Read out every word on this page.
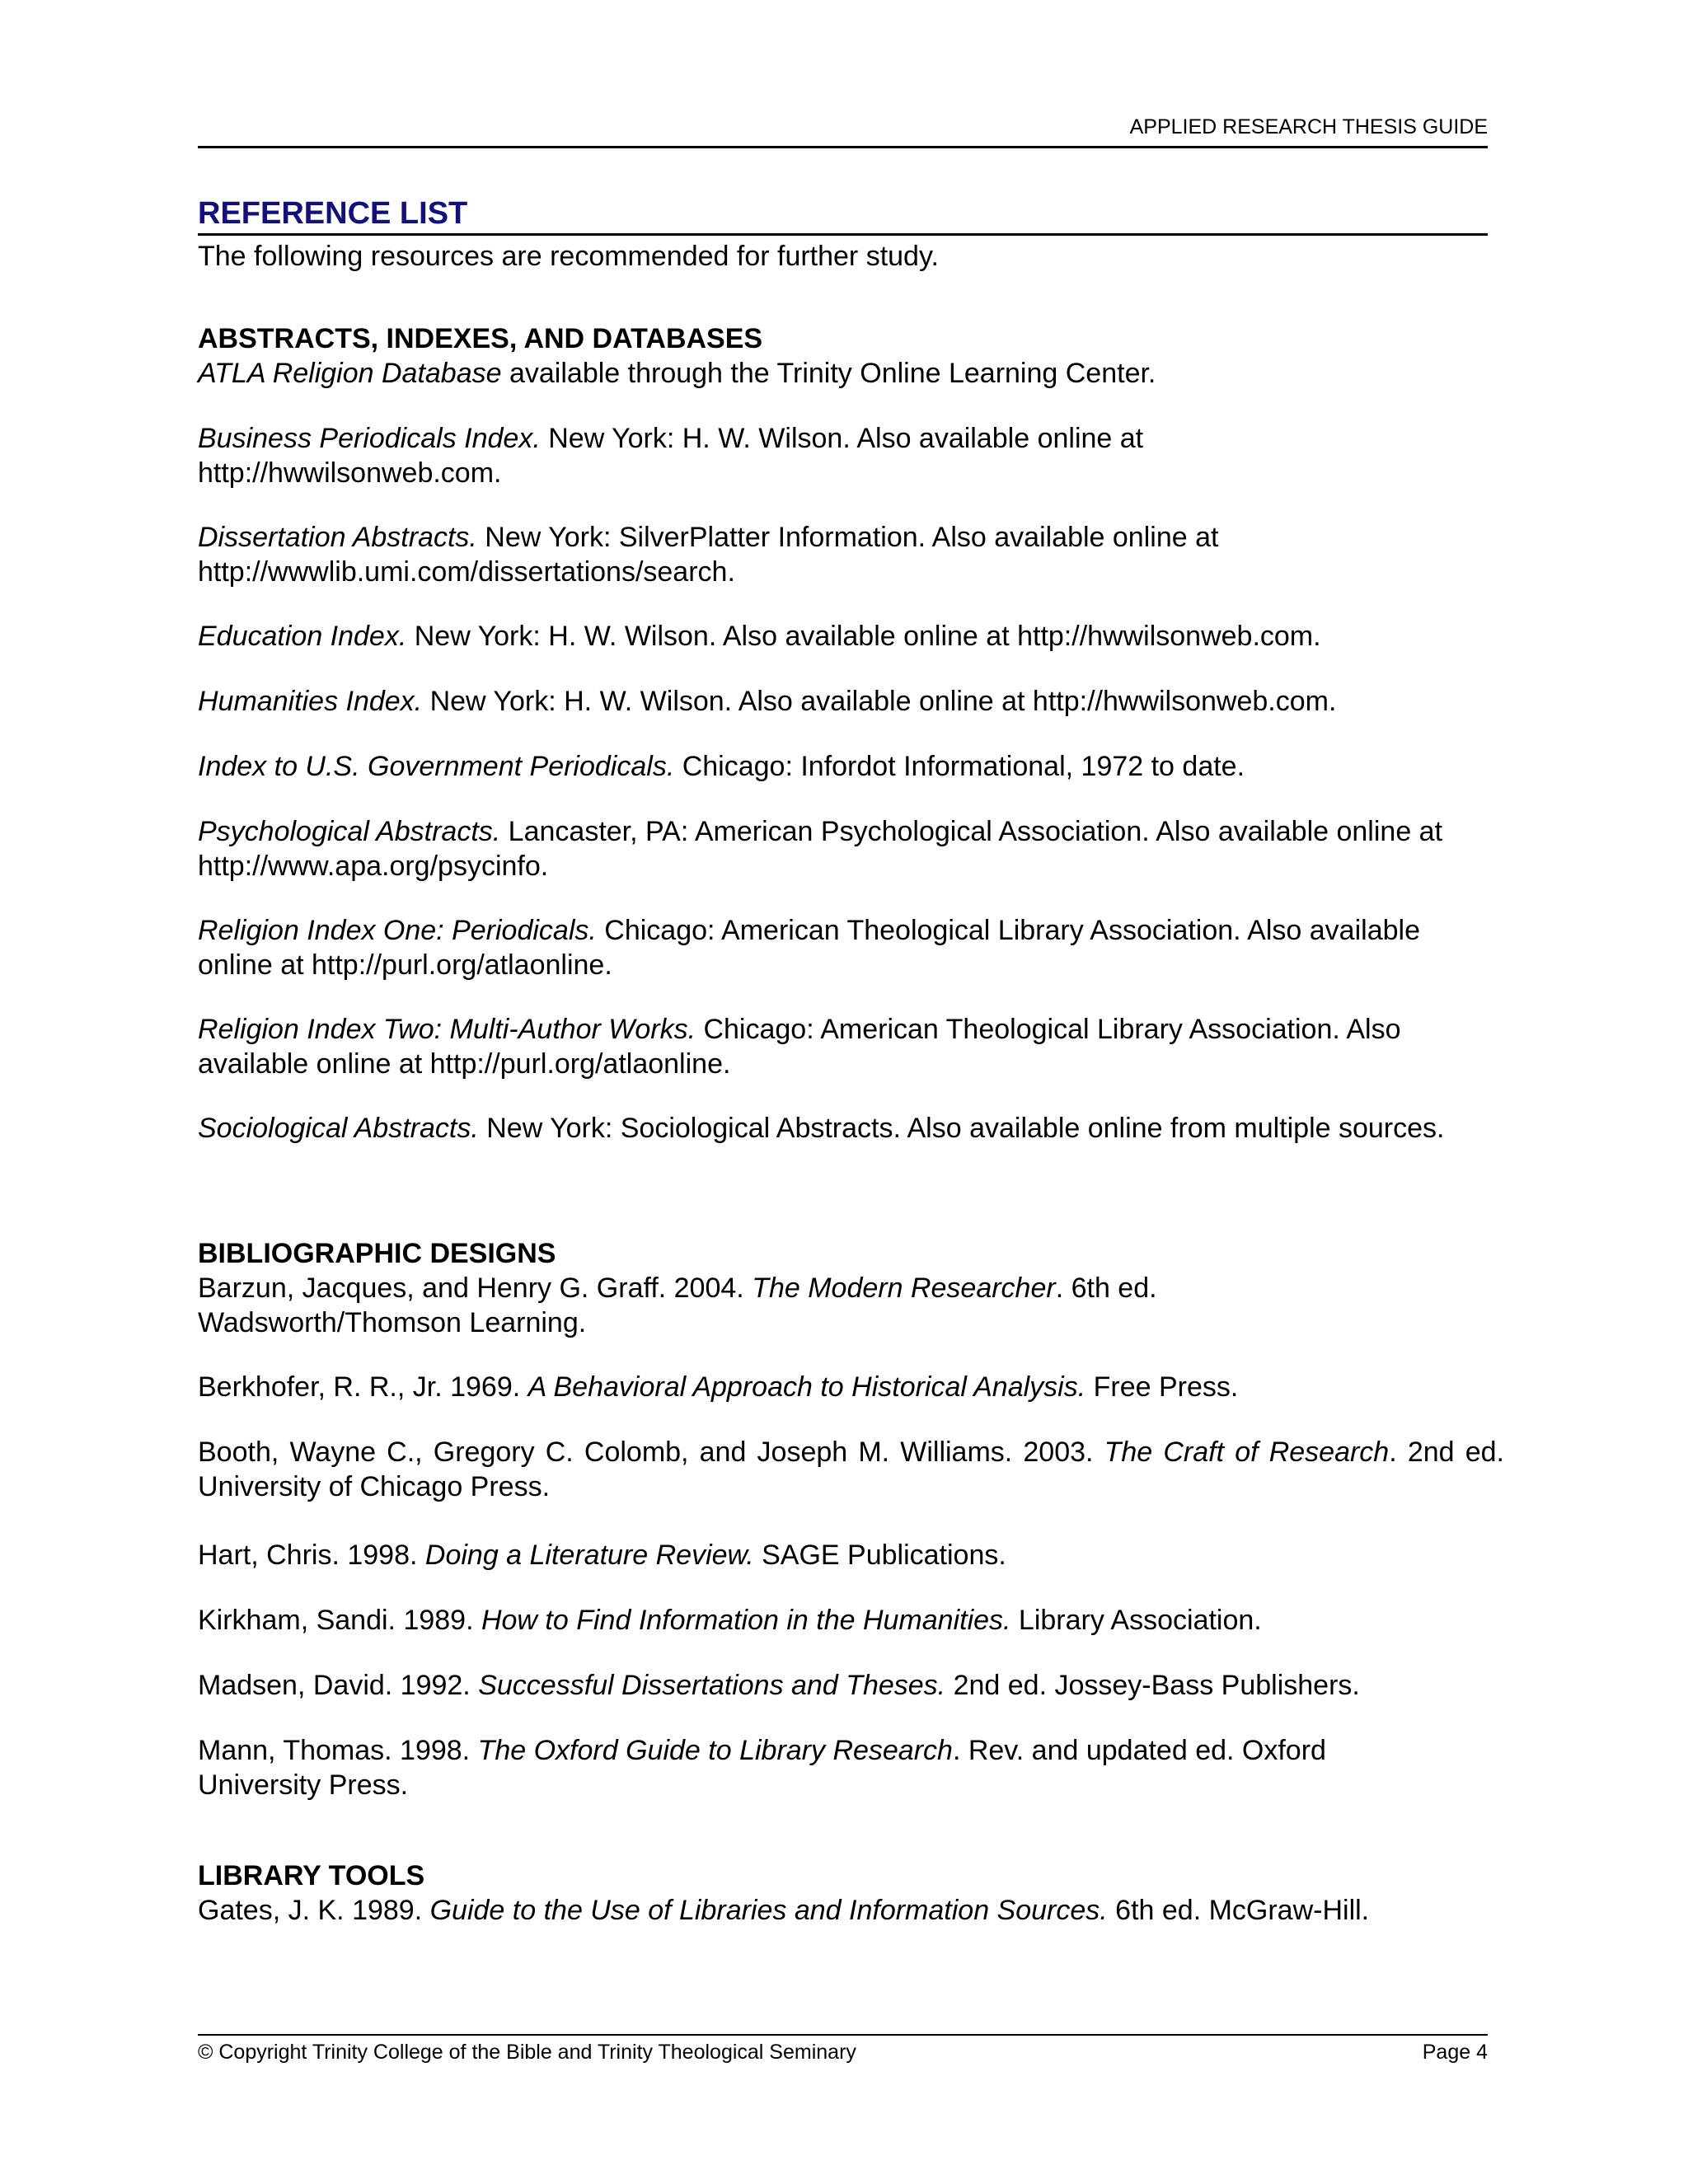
APPLIED RESEARCH THESIS GUIDE
REFERENCE LIST

The following resources are recommended for further study.

ABSTRACTS, INDEXES, AND DATABASES

ATLA Religion Database available through the Trinity Online Learning Center.

Business Periodicals Index. New York: H. W. Wilson. Also available online at http://hwwilsonweb.com.

Dissertation Abstracts. New York: SilverPlatter Information. Also available online at http://wwwlib.umi.com/dissertations/search.

Education Index. New York: H. W. Wilson. Also available online at http://hwwilsonweb.com.

Humanities Index. New York: H. W. Wilson. Also available online at http://hwwilsonweb.com.

Index to U.S. Government Periodicals. Chicago: Infordot Informational, 1972 to date.

Psychological Abstracts. Lancaster, PA: American Psychological Association. Also available online at http://www.apa.org/psycinfo.

Religion Index One: Periodicals. Chicago: American Theological Library Association. Also available online at http://purl.org/atlaonline.

Religion Index Two: Multi-Author Works. Chicago: American Theological Library Association. Also available online at http://purl.org/atlaonline.

Sociological Abstracts. New York: Sociological Abstracts. Also available online from multiple sources.

BIBLIOGRAPHIC DESIGNS

Barzun, Jacques, and Henry G. Graff. 2004. The Modern Researcher. 6th ed. Wadsworth/Thomson Learning.

Berkhofer, R. R., Jr. 1969. A Behavioral Approach to Historical Analysis. Free Press.

Booth, Wayne C., Gregory C. Colomb, and Joseph M. Williams. 2003. The Craft of Research. 2nd ed. University of Chicago Press.

Hart, Chris. 1998. Doing a Literature Review. SAGE Publications.

Kirkham, Sandi. 1989. How to Find Information in the Humanities. Library Association.

Madsen, David. 1992. Successful Dissertations and Theses. 2nd ed. Jossey-Bass Publishers.

Mann, Thomas. 1998. The Oxford Guide to Library Research. Rev. and updated ed. Oxford University Press.

LIBRARY TOOLS

Gates, J. K. 1989. Guide to the Use of Libraries and Information Sources. 6th ed. McGraw-Hill.

© Copyright Trinity College of the Bible and Trinity Theological Seminary	Page 4
